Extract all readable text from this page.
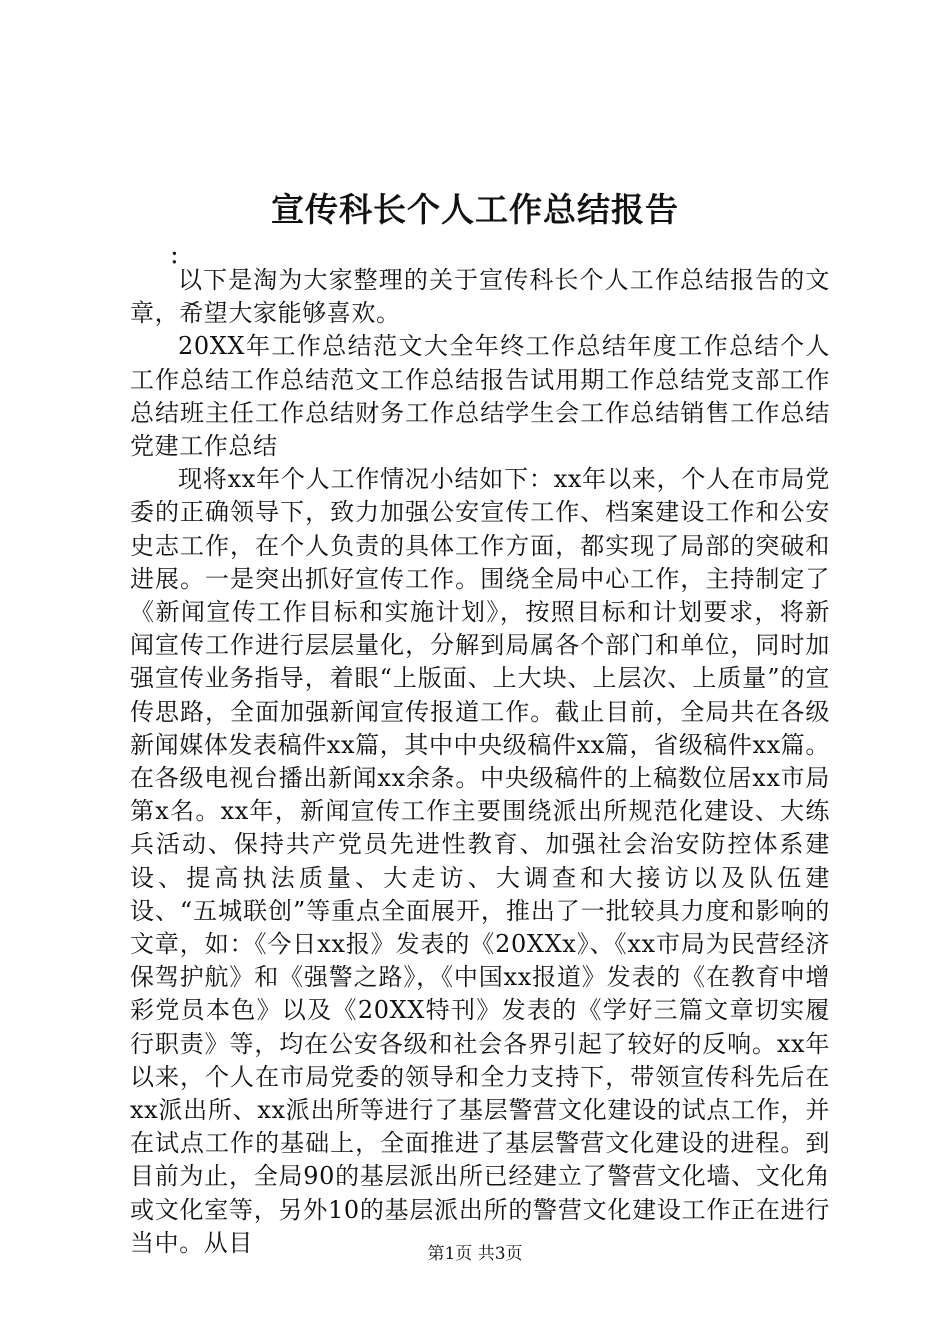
宣传科长个人工作总结报告
:

以下是淘为大家整理的关于宣传科长个人工作总结报告的文章，希望大家能够喜欢。

20XX年工作总结范文大全年终工作总结年度工作总结个人工作总结工作总结范文工作总结报告试用期工作总结党支部工作总结班主任工作总结财务工作总结学生会工作总结销售工作总结党建工作总结

现将xx年个人工作情况小结如下：xx年以来，个人在市局党委的正确领导下，致力加强公安宣传工作、档案建设工作和公安史志工作，在个人负责的具体工作方面，都实现了局部的突破和进展。一是突出抓好宣传工作。围绕全局中心工作，主持制定了《新闻宣传工作目标和实施计划》，按照目标和计划要求，将新闻宣传工作进行层层量化，分解到局属各个部门和单位，同时加强宣传业务指导，着眼“上版面、上大块、上层次、上质量”的宣传思路，全面加强新闻宣传报道工作。截止目前，全局共在各级新闻媒体发表稿件xx篇，其中中央级稿件xx篇，省级稿件xx篇。在各级电视台播出新闻xx余条。中央级稿件的上稿数位居xx市局第x名。xx年，新闻宣传工作主要围绕派出所规范化建设、大练兵活动、保持共产党员先进性教育、加强社会治安防控体系建设、提高执法质量、大走访、大调查和大接访以及队伍建设、“五城联创”等重点全面展开，推出了一批较具力度和影响的文章，如：《今日xx报》发表的《20XXx》、《xx市局为民营经济保驾护航》和《强警之路》，《中国xx报道》发表的《在教育中增彩党员本色》以及《20XX特刊》发表的《学好三篇文章切实履行职责》等，均在公安各级和社会各界引起了较好的反响。xx年以来，个人在市局党委的领导和全力支持下，带领宣传科先后在xx派出所、xx派出所等进行了基层警营文化建设的试点工作，并在试点工作的基础上，全面推进了基层警营文化建设的进程。到目前为止，全局90的基层派出所已经建立了警营文化墙、文化角或文化室等，另外10的基层派出所的警营文化建设工作正在进行当中。从目	第1页 共3页
